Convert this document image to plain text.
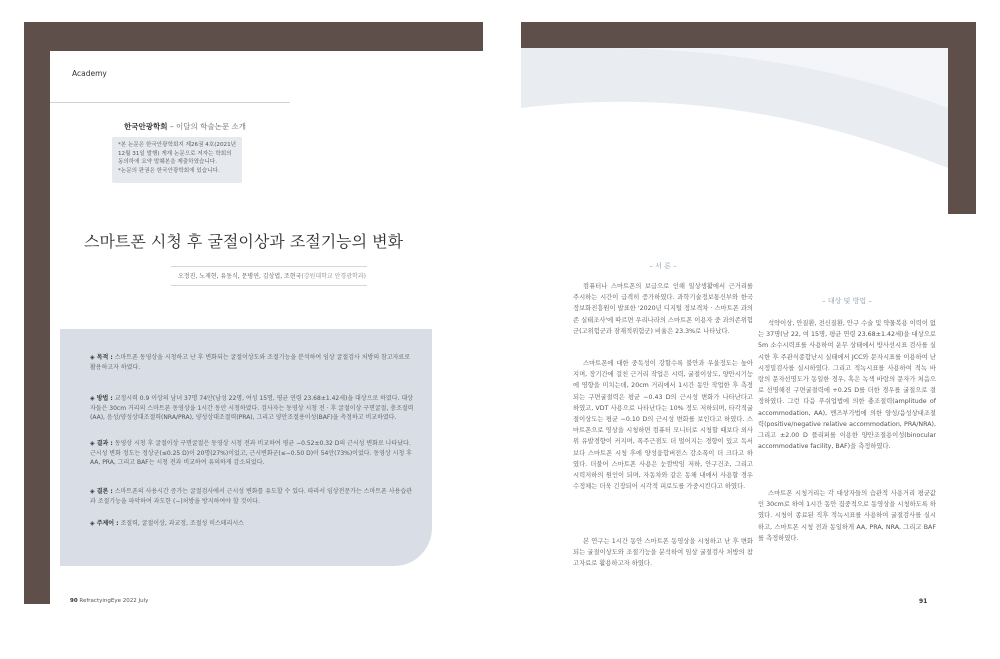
Academy
한국안광학회 – 이달의 학술논문 소개
*본 논문은 한국안광학회지 제26권 4호(2021년 12월 31일 발행) 게재 논문으로 저자는 학회의 동의하에 요약 발췌본을 제출하였습니다.
*논문의 판권은 한국안광학회에 있습니다.
스마트폰 시청 후 굴절이상과 조절기능의 변화
오정진, 노재현, 유동식, 문병연, 김상엽, 조현국(강원대학교 안경광학과)
◈ 목적 : 스마트폰 동영상을 시청하고 난 후 변화되는 굴절이상도와 조절기능을 분석하여 임상 굴절검사 처방의 참고자료로 활용하고자 하였다.
◈ 방법 : 교정시력 0.9 이상의 남녀 37명 74안(남성 22명, 여성 15명, 평균 연령 23.68±1.42세)을 대상으로 하였다. 대상자들은 30cm 거리의 스마트폰 동영상을 1시간 동안 시청하였다. 검사자는 동영상 시청 전 · 후 굴절이상 구면굴절, 충조절력(AA), 음성/양성상대조절력(NRA/PRA), 양성상대조절력(PRA), 그리고 양안조절용이성(BAF)을 측정하고 비교하였다.
◈ 결과 : 동영상 시청 후 굴절이상 구면굴절은 동영상 시청 전과 비교하여 평균 −0.52±0.32 D의 근시성 변화로 나타났다. 근시성 변화 정도는 정상군(≤0.25 D)이 20명(27%)이었고, 근시변화군(≤−0.50 D)이 54안(73%)이었다. 동영상 시청 후 AA, PRA, 그리고 BAF는 시청 전과 비교하여 유의하게 감소되었다.
◈ 결론 : 스마트폰의 사용시간 증가는 굴절검사에서 근시성 변화를 유도할 수 있다. 따라서 임상전문가는 스마트폰 사용습관과 조절기능을 파악하여 과도한 (−)처방을 방지하여야 할 것이다.
◈ 주제어 : 조절력, 굴절이상, 과교정, 조절성 히스테리시스
90 RefractyingEye 2022 July
– 서 론 –
컴퓨터나 스마트폰의 보급으로 인해 일상생활에서 근거리를 주시하는 시간이 급격히 증가하였다. 과학기술정보통신부와 한국정보화진흥원이 발표한 '2020년 디지털 정보격차 · 스마트폰 과의존 실태조사'에 따르면 우리나라의 스마트폰 이용자 중 과의존위험군(고위험군과 잠재적위험군) 비율은 23.3%로 나타났다.
스마트폰에 대한 중독성이 강할수록 불안과 우울정도는 높아지며, 장기간에 걸친 근거리 작업은 시력, 굴절이상도, 양안시기능에 영향을 미치는데, 20cm 거리에서 1시간 동안 작업한 후 측정되는 구면굴절력은 평균 −0.43 D의 근시성 변화가 나타난다고 하였고, VDT 사용으로 나타난다는 10% 정도 저하되며, 타각적굴절이상도는 평균 −0.10 D의 근시성 변화를 보인다고 하였다. 스마트폰으로 영상을 시청하면 컴퓨터 모니터로 시청할 때보다 외사위 유발경향이 커지며, 폭주근점도 더 멀어지는 경향이 있고 독서보다 스마트폰 시청 후에 양성융합버전스 감소폭이 더 크다고 하였다. 더불어 스마트폰 사용은 눈깜박임 저하, 안구건조, 그리고 시력저하의 원인이 되며, 자동차와 같은 동체 내에서 사용할 경우 수정체는 더욱 긴장되어 시각적 피로도를 가중시킨다고 하였다.
본 연구는 1시간 동안 스마트폰 동영상을 시청하고 난 후 변화되는 굴절이상도와 조절기능을 분석하여 임상 굴절검사 처방의 참고자료로 활용하고자 하였다.
– 대상 및 방법 –
석약이상, 안질환, 전신질환, 안구 수술 및 약물복용 이력이 없는 37명(남 22, 여 15명, 평균 연령 23.68±1.42세)을 대상으로 5m 소수시력표를 사용하여 운무 상태에서 방사선시표 검사를 실시한 후 주관식종합난시 실태에서 JCC와 문자시표를 이용하여 난시정밀검사를 실시하였다. 그리고 적녹시표를 사용하여 적녹 바랑의 문자선명도가 동일한 경우, 혹은 녹색 바랑의 문자가 처음으로 선명해진 구면굴절력에 +0.25 D를 더한 경우를 굴절으로 결정하였다. 그런 다음 푸쉬업법에 의한 충조절력(amplitude of accommodation, AA), 멘즈부가법에 의한 양성/음성상대조절력(positive/negative relative accommodation, PRA/NRA), 그리고 ±2.00 D 플리퍼를 이용한 양안조절용이성(binocular accommodative facility, BAF)을 측정하였다.
스마트폰 시청거리는 각 대상자들의 습관적 사용거리 평균값인 30cm로 하여 1시간 동안 집중적으로 동영상을 시청하도록 하였다. 시청이 종료된 직후 적녹시표를 사용하여 굴절검사를 실시하고, 스마트폰 시청 전과 동일하게 AA, PRA, NRA, 그리고 BAF를 측정하였다.
91
